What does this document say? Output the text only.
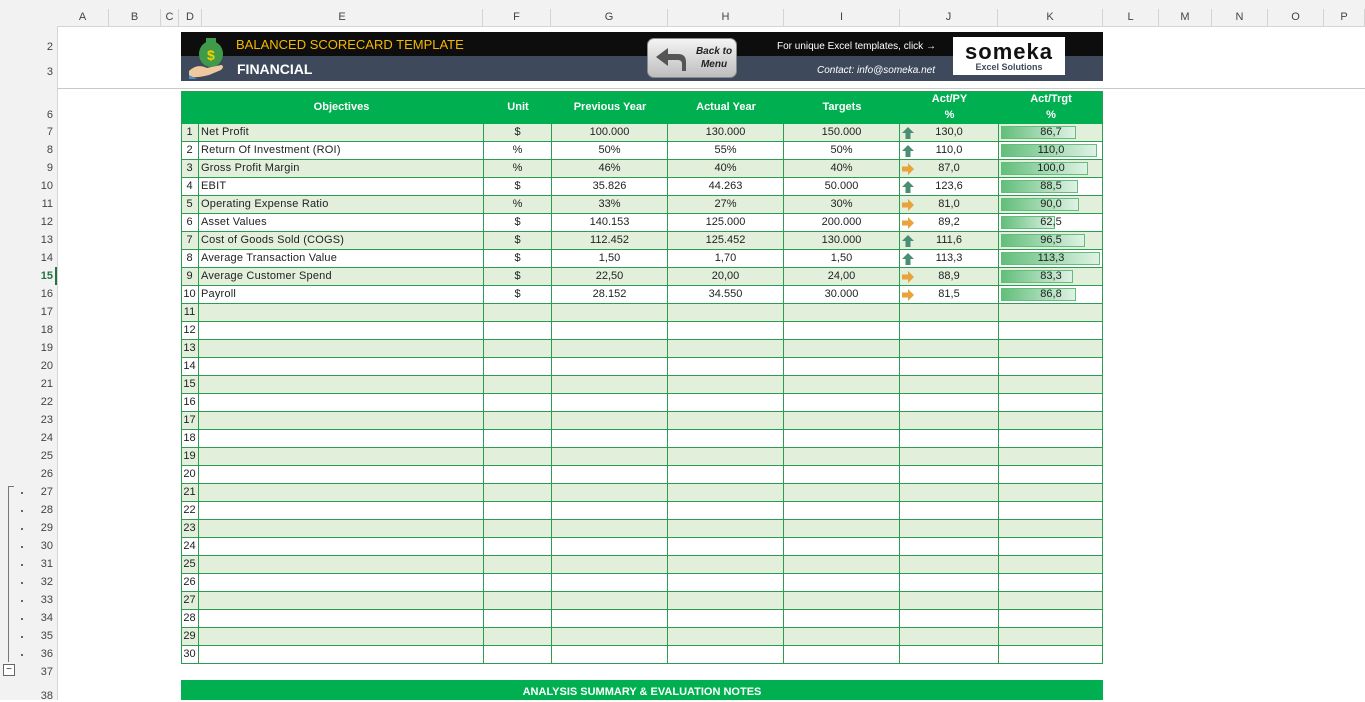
A	B	C	D	E	F	G	H	I	J	K	L	M	N	O	P
2
3
6
7
8
9
10
11
12
13
14
15
16
17
18
19
20
21
22
23
24
25
26
27
28
29
30
31
32
33
34
35
36
37
38
−
$
BALANCED SCORECARD TEMPLATE
FINANCIAL
Back to
Menu
For unique Excel templates, click →
Contact: info@someka.net
someka
Excel Solutions
Objectives	Unit	Previous Year	Actual Year	Targets
Act/PY
%
Act/Trgt
%
1 Net Profit	$	100.000	130.000	150.000	130,0	86,7
2 Return Of Investment (ROI)	%	50%	55%	50%	110,0	110,0
3 Gross Profit Margin	%	46%	40%	40%	87,0	100,0
4 EBIT	$	35.826	44.263	50.000	123,6	88,5
5 Operating Expense Ratio	%	33%	27%	30%	81,0	90,0
6 Asset Values	$	140.153	125.000	200.000	89,2	62,5
7 Cost of Goods Sold (COGS)	$	112.452	125.452	130.000	111,6	96,5
8 Average Transaction Value	$	1,50	1,70	1,50	113,3	113,3
9 Average Customer Spend	$	22,50	20,00	24,00	88,9	83,3
10 Payroll	$	28.152	34.550	30.000	81,5	86,8
11
12
13
14
15
16
17
18
19
20
21
22
23
24
25
26
27
28
29
30
ANALYSIS SUMMARY & EVALUATION NOTES
